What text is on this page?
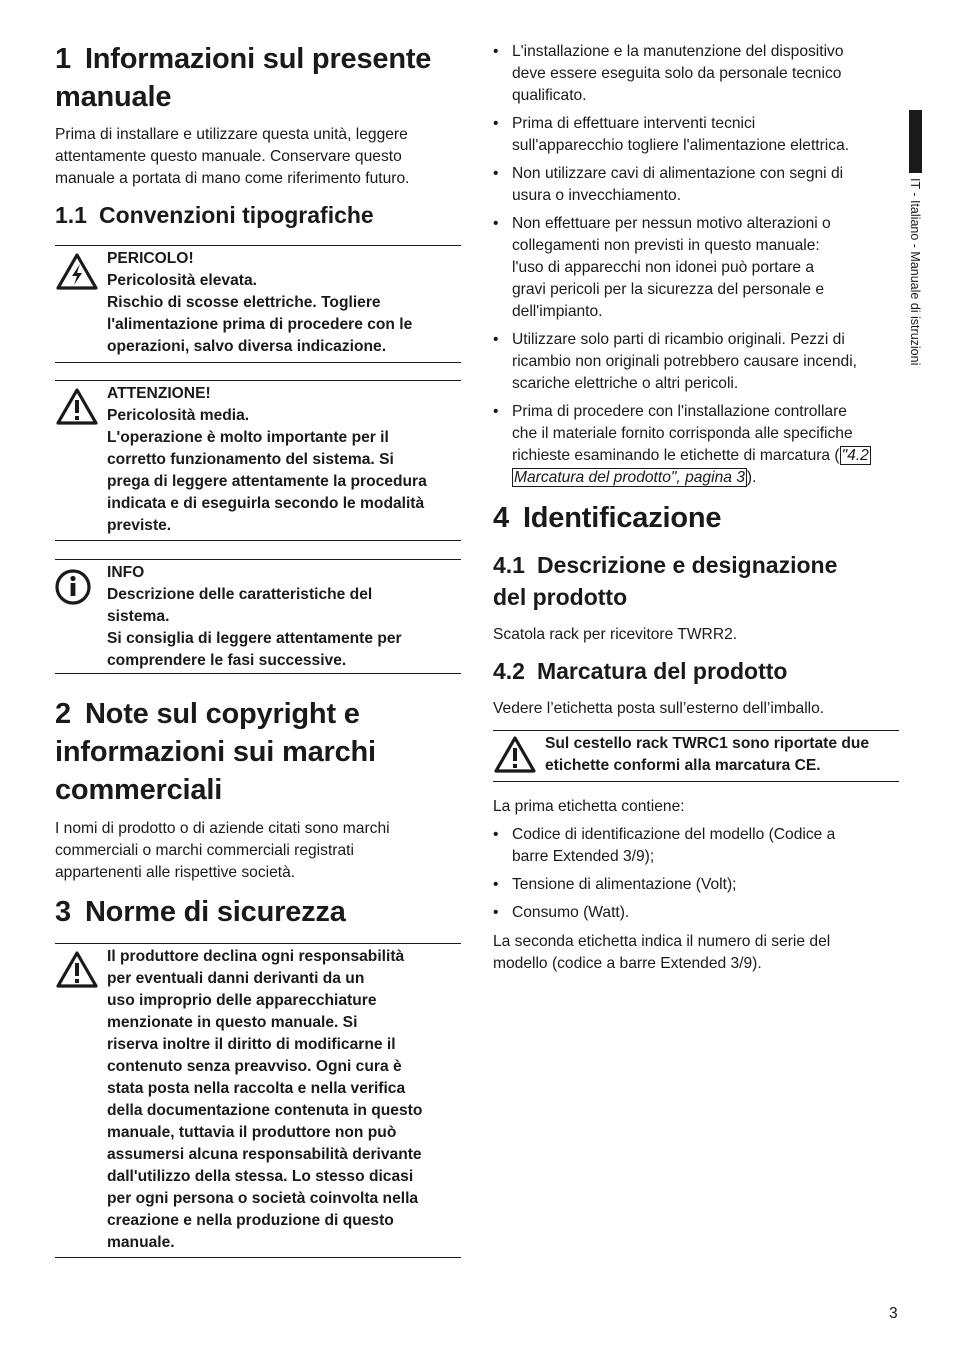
1 Informazioni sul presente
manuale

Prima di installare e utilizzare questa unità, leggere

attentamente questo manuale. Conservare questo

manuale a portata di mano come riferimento futuro.

1.1 Convenzioni tipografiche
PERICOLO!
Pericolosità elevata.
Rischio di scosse elettriche. Togliere
l'alimentazione prima di procedere con le
operazioni, salvo diversa indicazione.
ATTENZIONE!
Pericolosità media.
L'operazione è molto importante per il
corretto funzionamento del sistema. Si
prega di leggere attentamente la procedura
indicata e di eseguirla secondo le modalità
previste.
INFO
Descrizione delle caratteristiche del
sistema.
Si consiglia di leggere attentamente per
comprendere le fasi successive.
2 Note sul copyright e
informazioni sui marchi
commerciali

I nomi di prodotto o di aziende citati sono marchi

commerciali o marchi commerciali registrati

appartenenti alle rispettive società.

3 Norme di sicurezza
Il produttore declina ogni responsabilità
per eventuali danni derivanti da un
uso improprio delle apparecchiature
menzionate in questo manuale. Si
riserva inoltre il diritto di modificarne il
contenuto senza preavviso. Ogni cura è
stata posta nella raccolta e nella verifica
della documentazione contenuta in questo
manuale, tuttavia il produttore non può
assumersi alcuna responsabilità derivante
dall'utilizzo della stessa. Lo stesso dicasi
per ogni persona o società coinvolta nella
creazione e nella produzione di questo
manuale.
• L'installazione e la manutenzione del dispositivo
deve essere eseguita solo da personale tecnico
qualificato.
• Prima di effettuare interventi tecnici
sull'apparecchio togliere l'alimentazione elettrica.
• Non utilizzare cavi di alimentazione con segni di
usura o invecchiamento.
• Non effettuare per nessun motivo alterazioni o
collegamenti non previsti in questo manuale:
l'uso di apparecchi non idonei può portare a
gravi pericoli per la sicurezza del personale e
dell'impianto.
• Utilizzare solo parti di ricambio originali. Pezzi di
ricambio non originali potrebbero causare incendi,
scariche elettriche o altri pericoli.
• Prima di procedere con l'installazione controllare
che il materiale fornito corrisponda alle specifiche
richieste esaminando le etichette di marcatura ( "4.2
Marcatura del prodotto", pagina 3 ).
4 Identificazione
4.1 Descrizione e designazione
del prodotto

Scatola rack per ricevitore TWRR2.

4.2 Marcatura del prodotto

Vedere l’etichetta posta sull’esterno dell’imballo.

Sul cestello rack TWRC1 sono riportate due
etichette conformi alla marcatura CE.

La prima etichetta contiene:

• Codice di identificazione del modello (Codice a
barre Extended 3/9);
• Tensione di alimentazione (Volt);
• Consumo (Watt).

La seconda etichetta indica il numero di serie del

modello (codice a barre Extended 3/9).

IT - Italiano - Manuale di istruzioni
3
